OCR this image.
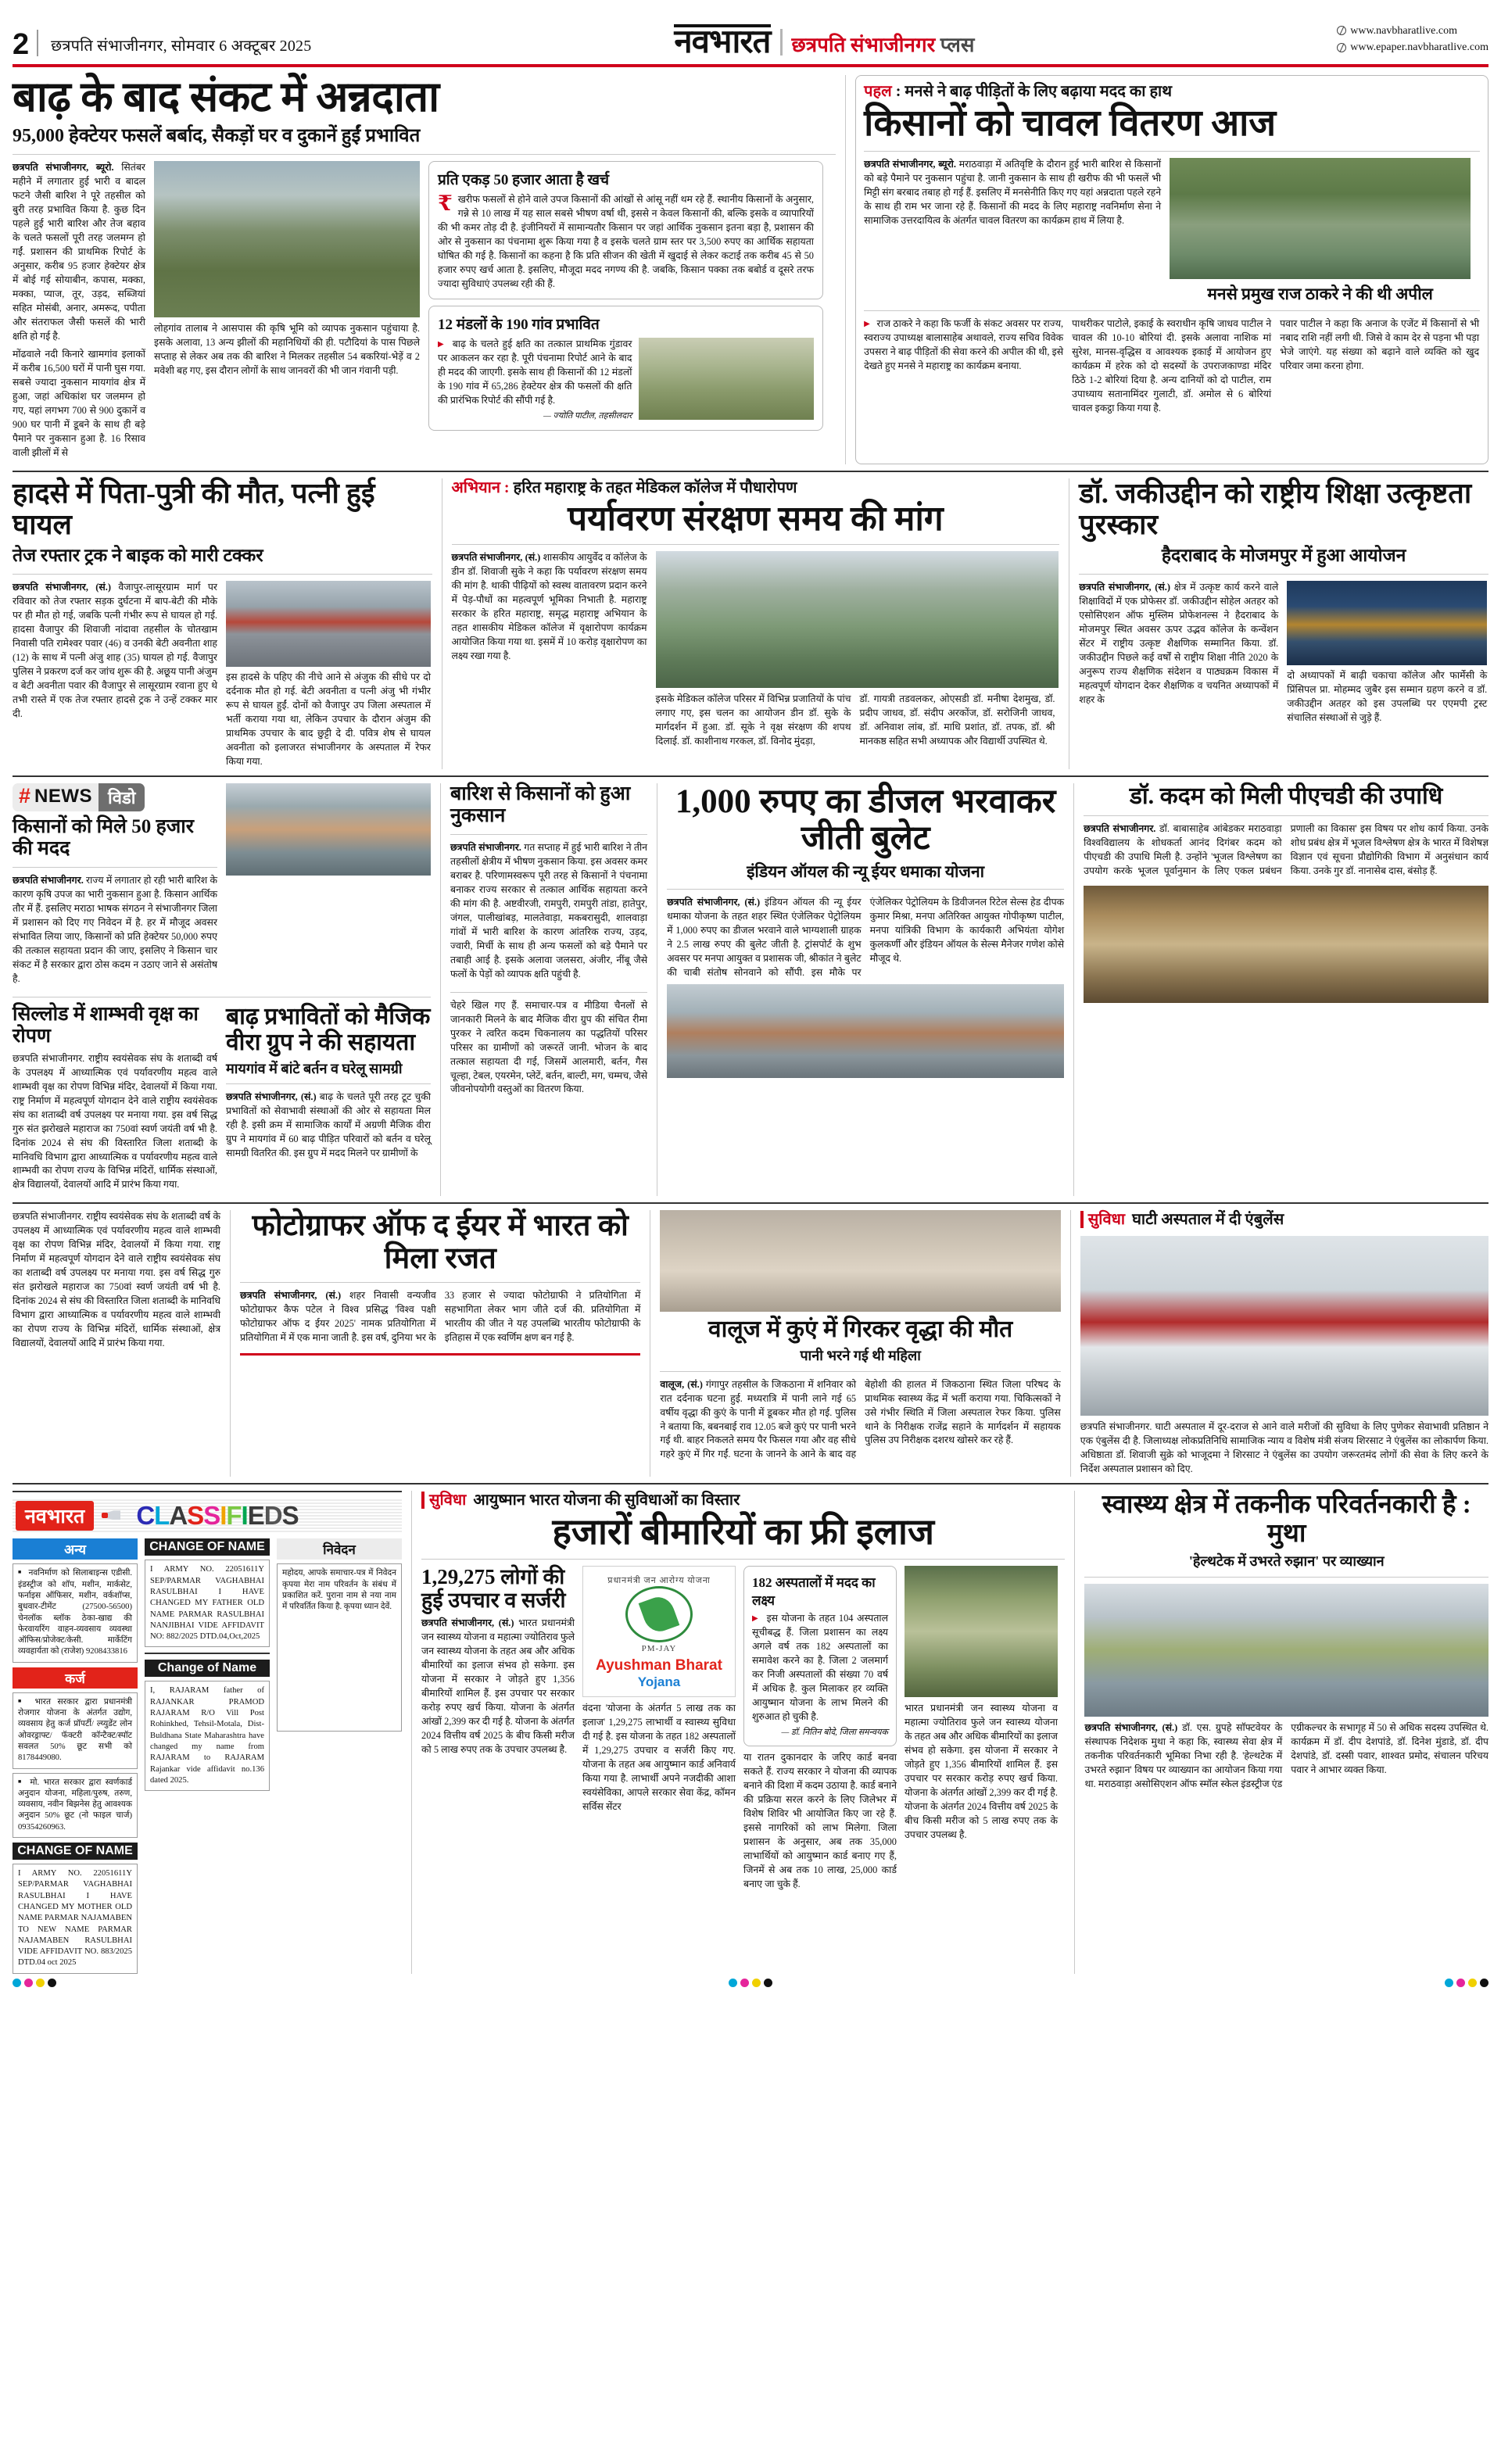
2 छत्रपति संभाजीनगर, सोमवार 6 अक्टूबर 2025	नवभारत छत्रपति संभाजीनगर प्लस
www.navbharatlive.com
www.epaper.navbharatlive.com
बाढ़ के बाद संकट में अन्नदाता
95,000 हेक्टेयर फसलें बर्बाद, सैकड़ों घर व दुकानें हुईं प्रभावित

छत्रपति संभाजीनगर, ब्यूरो. सितंबर महीने में लगातार हुई भारी व बादल फटने जैसी बारिश ने पूरे तहसील को बुरी तरह प्रभावित किया है. कुछ दिन पहले हुई भारी बारिश और तेज बहाव के चलते फसलों पूरी तरह जलमग्न हो गईं. प्रशासन की प्राथमिक रिपोर्ट के अनुसार, करीब 95 हजार हेक्टेयर क्षेत्र में बोई गई सोयाबीन, कपास, मक्का, मक्का, प्याज, तूर, उड़द, सब्जियां सहित मोसंबी, अनार, अमरूद, पपीता और संतराफल जैसी फसलें की भारी क्षति हो गई है.

मोंढवाले नदी किनारे खामगांव इलाकों में करीब 16,500 घरों में पानी घुस गया. सबसे ज्यादा नुकसान मायगांव क्षेत्र में हुआ, जहां अधिकांश घर जलमग्न हो गए, यहां लगभग 700 से 900 दुकानें व 900 घर पानी में डूबने के साथ ही बड़े पैमाने पर नुकसान हुआ है. 16 रिसाव वाली झीलों में से

लोहगांव तालाब ने आसपास की कृषि भूमि को व्यापक नुकसान पहुंचाया है. इसके अलावा, 13 अन्य झीलों की महानिधियों की ही. पटौदियां के पास पिछले सप्ताह से लेकर अब तक की बारिश ने मिलकर तहसील 54 बकरियां-भेड़ें व 2 मवेशी बह गए, इस दौरान लोगों के साथ जानवरों की भी जान गंवानी पड़ी.

प्रति एकड़ 50 हजार आता है खर्च
₹ खरीफ फसलों से होने वाले उपज किसानों की आंखों से आंसू नहीं थम रहे हैं. स्थानीय किसानों के अनुसार, गन्ने से 10 लाख में यह साल सबसे भीषण वर्षा थी, इससे न केवल किसानों की, बल्कि इसके व व्यापारियों की भी कमर तोड़ दी है. इंजीनियरों में सामान्यतौर किसान पर जहां आर्थिक नुकसान इतना बड़ा है, प्रशासन की ओर से नुकसान का पंचनामा शुरू किया गया है व इसके चलते ग्राम स्तर पर 3,500 रुपए का आर्थिक सहायता घोषित की गई है. किसानों का कहना है कि प्रति सीजन की खेती में खुदाई से लेकर कटाई तक करीब 45 से 50 हजार रुपए खर्च आता है. इसलिए, मौजूदा मदद नगण्य की है. जबकि, किसान पक्का तक बबोर्ड व दूसरे तरफ ज्यादा सुविधाएं उपलब्ध रही की हैं.
12 मंडलों के 190 गांव प्रभावित
▶ बाढ़ के चलते हुई क्षति का तत्काल प्राथमिक गुंडावर पर आकलन कर रहा है. पूरी पंचनामा रिपोर्ट आने के बाद ही मदद की जाएगी. इसके साथ ही किसानों की 12 मंडलों के 190 गांव में 65,286 हेक्टेयर क्षेत्र की फसलों की क्षति की प्रारंभिक रिपोर्ट की सौंपी गई है.
— ज्योति पाटील, तहसीलदार
पहल : मनसे ने बाढ़ पीड़ितों के लिए बढ़ाया मदद का हाथ
किसानों को चावल वितरण आज

छत्रपति संभाजीनगर, ब्यूरो. मराठवाड़ा में अतिवृष्टि के दौरान हुई भारी बारिश से किसानों को बड़े पैमाने पर नुकसान पहुंचा है. जानी नुकसान के साथ ही खरीफ की भी फसलें भी मिट्टी संग बरबाद तबाह हो गई हैं. इसलिए में मनसेनीति किए गए यहां अन्नदाता पहले रहने के साथ ही राम भर जाना रहे हैं. किसानों की मदद के लिए महाराष्ट्र नवनिर्माण सेना ने सामाजिक उत्तरदायित्व के अंतर्गत चावल वितरण का कार्यक्रम हाथ में लिया है.

मनसे प्रमुख राज ठाकरे ने की थी अपील
▶ राज ठाकरे ने कहा कि फर्जी के संकट अवसर पर राज्य, स्वराज्य उपाध्यक्ष बालासाहेब अथावले, राज्य सचिव विवेक उपसरा ने बाढ़ पीड़ितों की सेवा करने की अपील की थी, इसे देखते हुए मनसे ने महाराष्ट्र का कार्यक्रम बनाया.
पाथरीकर पाटोले, इकाई के स्वराधीन कृषि जाधव पाटील ने चावल की 10-10 बोरियां दी. इसके अलावा नाशिक मां सुरेश, मानस-वृद्धिस व आवश्यक इकाई में आयोजन हुए कार्यक्रम में हरेक को दो सदस्यों के उपराजकाण्डा मंदिर ठिठे 1-2 बोरियां दिया है. अन्य दानियों को दो पाटील, राम उपाध्याय सतानामिंदर गुलाटी, डॉ. अमोल से 6 बोरियां चावल इकट्ठा किया गया है.
पवार पाटील ने कहा कि अनाज के एजेंट में किसानों से भी नबाद राशि नहीं लगी थी. जिसे वे काम देर से पड़ना भी पड़ा भेजे जाएंगे. यह संख्या को बढ़ाने वाले व्यक्ति को खुद परिवार जमा करना होगा.
हादसे में पिता-पुत्री की मौत, पत्नी हुई घायल
तेज रफ्तार ट्रक ने बाइक को मारी टक्कर

छत्रपति संभाजीनगर, (सं.) वैजापुर-लासूरग्राम मार्ग पर रविवार को तेज रफ्तार सड़क दुर्घटना में बाप-बेटी की मौके पर ही मौत हो गई, जबकि पत्नी गंभीर रूप से घायल हो गई. हादसा वैजापुर की शिवाजी नांदावा तहसील के चोतखाम निवासी पति रामेश्वर पवार (46) व उनकी बेटी अवनीता शाह (12) के साथ में पत्नी अंजु शाह (35) घायल हो गई. वैजापुर पुलिस ने प्रकरण दर्ज कर जांच शुरू की है. अछूय पानी अंजुम व बेटी अवनीता पवार की वैजापुर से लासूरग्राम रवाना हुए थे तभी रास्ते में एक तेज रफ्तार हादसे ट्रक ने उन्हें टक्कर मार दी.

इस हादसे के पहिए की नीचे आने से अंजुक की सीधे पर दो दर्दनाक मौत हो गई. बेटी अवनीता व पत्नी अंजु भी गंभीर रूप से घायल हुईं. दोनों को वैजापुर उप जिला अस्पताल में भर्ती कराया गया था, लेकिन उपचार के दौरान अंजुम की प्राथमिक उपचार के बाद छुट्टी दे दी. पवित्र शेष से घायल अवनीता को इलाजरत संभाजीनगर के अस्पताल में रेफर किया गया.
अभियान : हरित महाराष्ट्र के तहत मेडिकल कॉलेज में पौधारोपण
पर्यावरण संरक्षण समय की मांग

छत्रपति संभाजीनगर, (सं.) शासकीय आयुर्वेद व कॉलेज के डीन डॉ. शिवाजी सुके ने कहा कि पर्यावरण संरक्षण समय की मांग है. थाकी पीढ़ियों को स्वस्थ वातावरण प्रदान करने में पेड़-पौधों का महत्वपूर्ण भूमिका निभाती है. महाराष्ट्र सरकार के हरित महाराष्ट्र, समृद्ध महाराष्ट्र अभियान के तहत शासकीय मेडिकल कॉलेज में वृक्षारोपण कार्यक्रम आयोजित किया गया था. इसमें में 10 करोड़ वृक्षारोपण का लक्ष्य रखा गया है.

इसके मेडिकल कॉलेज परिसर में विभिन्न प्रजातियों के पांच लगाए गए, इस चलन का आयोजन डीन डॉ. सुके के मार्गदर्शन में हुआ. डॉ. सूके ने वृक्ष संरक्षण की शपथ दिलाई. डॉ. काशीनाथ गरकल, डॉ. विनोद मुंदड़ा,
डॉ. गायत्री तडवलकर, ओएसडी डॉ. मनीषा देशमुख, डॉ. प्रदीप जाधव, डॉ. संदीप अरकोंज, डॉ. सरोजिनी जाधव, डॉ. अनिवाश लांब, डॉ. माधि प्रशांत, डॉ. तपक, डॉ. श्री मानकष्ठ सहित सभी अध्यापक और विद्यार्थी उपस्थित थे.
डॉ. जकीउद्दीन को राष्ट्रीय शिक्षा उत्कृष्टता पुरस्कार
हैदराबाद के मोजमपुर में हुआ आयोजन

छत्रपति संभाजीनगर, (सं.) क्षेत्र में उत्कृष्ट कार्य करने वाले शिक्षाविदों में एक प्रोफेसर डॉ. जकीउद्दीन सोहेल अतहर को एसोसिएशन ऑफ मुस्लिम प्रोफेशनल्स ने हैदराबाद के मोजमपुर स्थित अवसर ऊपर उद्भव कॉलेज के कन्वेंशन सेंटर में राष्ट्रीय उत्कृष्ट शैक्षणिक सम्मानित किया. डॉ. जकीउद्दीन पिछले कई वर्षों से राष्ट्रीय शिक्षा नीति 2020 के अनुरूप राज्य शैक्षणिक संदेशन व पाठ्यक्रम विकास में महत्वपूर्ण योगदान देकर शैक्षणिक व चयनित अध्यापकों में शहर के

दो अध्यापकों में बाढ़ी चकाचा कॉलेज और फार्मेसी के प्रिंसिपल प्रा. मोहम्मद जुबैर इस सम्मान ग्रहण करने व डॉ. जकीउद्दीन अतहर को इस उपलब्धि पर एएमपी ट्रस्ट संचालित संस्थाओं से जुड़े हैं.
# NEWS विडो
किसानों को मिले 50 हजार की मदद

छत्रपति संभाजीनगर. राज्य में लगातार हो रही भारी बारिश के कारण कृषि उपज का भारी नुकसान हुआ है. किसान आर्थिक तौर में हैं. इसलिए मराठा भाषक संगठन ने संभाजीनगर जिला में प्रशासन को दिए गए निवेदन में है. हर में मौजूद अवसर संभावित लिया जाए, किसानों को प्रति हेक्टेयर 50,000 रुपए की तत्काल सहायता प्रदान की जाए, इसलिए ने किसान चार संकट में है सरकार द्वारा ठोस कदम न उठाए जाने से असंतोष है.

सिल्लोड में शाम्भवी वृक्ष का रोपण

छत्रपति संभाजीनगर. राष्ट्रीय स्वयंसेवक संघ के शताब्दी वर्ष के उपलक्ष्य में आध्यात्मिक एवं पर्यावरणीय महत्व वाले शाम्भवी वृक्ष का रोपण विभिन्न मंदिर, देवालयों में किया गया. राष्ट्र निर्माण में महत्वपूर्ण योगदान देने वाले राष्ट्रीय स्वयंसेवक संघ का शताब्दी वर्ष उपलक्ष्य पर मनाया गया. इस वर्ष सिद्ध गुरु संत झरोखले महाराज का 750वां स्वर्ण जयंती वर्ष भी है. दिनांक 2024 से संघ की विस्तारित जिला शताब्दी के मानिवधि विभाग द्वारा आध्यात्मिक व पर्यावरणीय महत्व वाले शाम्भवी का रोपण राज्य के विभिन्न मंदिरों, धार्मिक संस्थाओं, क्षेत्र विद्यालयों, देवालयों आदि में प्रारंभ किया गया.

बाढ़ प्रभावितों को मैजिक वीरा ग्रुप ने की सहायता
मायगांव में बांटे बर्तन व घरेलू सामग्री

छत्रपति संभाजीनगर, (सं.) बाढ़ के चलते पूरी तरह टूट चुकी प्रभावितों को सेवाभावी संस्थाओं की ओर से सहायता मिल रही है. इसी क्रम में सामाजिक कार्यों में अग्रणी मैजिक वीरा ग्रुप ने मायगांव में 60 बाढ़ पीड़ित परिवारों को बर्तन व घरेलू सामग्री वितरित की. इस ग्रुप में मदद मिलने पर ग्रामीणों के

बारिश से किसानों को हुआ नुकसान

छत्रपति संभाजीनगर. गत सप्ताह में हुई भारी बारिश ने तीन तहसीलों क्षेत्रीय में भीषण नुकसान किया. इस अवसर कमर बराबर है. परिणामस्वरूप पूरी तरह से किसानों ने पंचनामा बनाकर राज्य सरकार से तत्काल आर्थिक सहायता करने की मांग की है. अष्टवीरजी, रामपुरी, रामपुरी तांडा, हातेपुर, जंगल, पालीखांबड़, मालतेवाड़ा, मकबरासुदी, शालवाड़ा गांवों में भारी बारिश के कारण आंतरिक राज्य, उड़द, ज्वारी, मिर्ची के साथ ही अन्य फसलों को बड़े पैमाने पर तबाही आई है. इसके अलावा जलसरा, अंजीर, नींबू जैसे फलों के पेड़ों को व्यापक क्षति पहुंची है.

चेहरे खिल गए हैं. समाचार-पत्र व मीडिया चैनलों से जानकारी मिलने के बाद मैजिक वीरा ग्रुप की संचित रीमा पुरकर ने त्वरित कदम चिकनालय का पद्धतियों परिसर परिसर का ग्रामीणों को जरूरतें जानी. भोजन के बाद तत्काल सहायता दी गई, जिसमें आलमारी, बर्तन, गैस चूल्हा, टेबल, एयरमेन, प्लेटें, बर्तन, बाल्टी, मग, चम्मच, जैसे जीवनोपयोगी वस्तुओं का वितरण किया.
1,000 रुपए का डीजल भरवाकर जीती बुलेट
इंडियन ऑयल की न्यू ईयर धमाका योजना

छत्रपति संभाजीनगर, (सं.) इंडियन ऑयल की न्यू ईयर धमाका योजना के तहत शहर स्थित एंजेलिकर पेट्रोलियम में 1,000 रुपए का डीजल भरवाने वाले भाग्यशाली ग्राहक ने 2.5 लाख रुपए की बुलेट जीती है. ट्रांसपोर्ट के शुभ अवसर पर मनपा आयुक्त व प्रशासक जी, श्रीकांत ने बुलेट की चाबी संतोष सोनवाने को सौंपी. इस मौके पर एंजेलिकर पेट्रोलियम के डिवीजनल रिटेल सेल्स हेड दीपक कुमार मिश्रा, मनपा अतिरिक्त आयुक्त गोपीकृष्ण पाटील, मनपा यांत्रिकी विभाग के कार्यकारी अभियंता योगेश कुलकर्णी और इंडियन ऑयल के सेल्स मैनेजर गणेश कोसे मौजूद थे.

डॉ. कदम को मिली पीएचडी की उपाधि

छत्रपति संभाजीनगर. डॉ. बाबासाहेब आंबेडकर मराठवाड़ा विश्वविद्यालय के शोधकर्ता आनंद दिगंबर कदम को पीएचडी की उपाधि मिली है. उन्होंने 'भूजल विश्लेषण का उपयोग करके भूजल पूर्वानुमान के लिए एकल प्रबंधन प्रणाली का विकास' इस विषय पर शोध कार्य किया. उनके शोध प्रबंध क्षेत्र में भूजल विश्लेषण क्षेत्र के भारत में विशेषज्ञ विज्ञान एवं सूचना प्रौद्योगिकी विभाग में अनुसंधान कार्य किया. उनके गुर डॉ. नानासेब दास, बंसोड़ हैं.

छत्रपति संभाजीनगर. राष्ट्रीय स्वयंसेवक संघ के शताब्दी वर्ष के उपलक्ष्य में आध्यात्मिक एवं पर्यावरणीय महत्व वाले शाम्भवी वृक्ष का रोपण विभिन्न मंदिर, देवालयों में किया गया. राष्ट्र निर्माण में महत्वपूर्ण योगदान देने वाले राष्ट्रीय स्वयंसेवक संघ का शताब्दी वर्ष उपलक्ष्य पर मनाया गया. इस वर्ष सिद्ध गुरु संत झरोखले महाराज का 750वां स्वर्ण जयंती वर्ष भी है. दिनांक 2024 से संघ की विस्तारित जिला शताब्दी के मानिवधि विभाग द्वारा आध्यात्मिक व पर्यावरणीय महत्व वाले शाम्भवी का रोपण राज्य के विभिन्न मंदिरों, धार्मिक संस्थाओं, क्षेत्र विद्यालयों, देवालयों आदि में प्रारंभ किया गया.
फोटोग्राफर ऑफ द ईयर में भारत को मिला रजत

छत्रपति संभाजीनगर, (सं.) शहर निवासी वन्यजीव फोटोग्राफर कैफ पटेल ने विश्व प्रसिद्ध 'विश्व पक्षी फोटोग्राफर ऑफ द ईयर 2025' नामक प्रतियोगिता में प्रतियोगिता में में एक माना जाती है. इस वर्ष, दुनिया भर के 33 हजार से ज्यादा फोटोग्राफी ने प्रतियोगिता में सहभागिता लेकर भाग जीते दर्ज की. प्रतियोगिता में भारतीय की जीत ने यह उपलब्धि भारतीय फोटोग्राफी के इतिहास में एक स्वर्णिम क्षण बन गई है.	वालूज में कुएं में गिरकर वृद्धा की मौत
पानी भरने गई थी महिला

वालूज, (सं.) गंगापुर तहसील के जिकठाना में शनिवार को रात दर्दनाक घटना हुई. मध्यरात्रि में पानी लाने गई 65 वर्षीय वृद्धा की कुएं के पानी में डूबकर मौत हो गई. पुलिस ने बताया कि, बबनबाई राव 12.05 बजे कुएं पर पानी भरने गई थी. बाहर निकलते समय पैर फिसल गया और वह सीधे गहरे कुएं में गिर गईं. घटना के जानने के आने के बाद वह बेहोशी की हालत में जिकठाना स्थित जिला परिषद के प्राथमिक स्वास्थ्य केंद्र में भर्ती कराया गया. चिकित्सकों ने उसे गंभीर स्थिति में जिला अस्पताल रेफर किया. पुलिस थाने के निरीक्षक राजेंद्र सहाने के मार्गदर्शन में सहायक पुलिस उप निरीक्षक दशरथ खोसरे कर रहे हैं.

सुविधा घाटी अस्पताल में दी एंबुलेंस
छत्रपति संभाजीनगर. घाटी अस्पताल में दूर-दराज से आने वाले मरीजों की सुविधा के लिए पुणेकर सेवाभावी प्रतिष्ठान ने एक एंबुलेंस दी है. जिलाध्यक्ष लोकप्रतिनिधि सामाजिक न्याय व विशेष मंत्री संजय शिरसाट ने एंबुलेंस का लोकार्पण किया. अधिष्ठाता डॉ. शिवाजी सुक्रे को भाजूदमा ने शिरसाट ने एंबुलेंस का उपयोग जरूरतमंद लोगों की सेवा के लिए करने के निर्देश अस्पताल प्रशासन को दिए.
नवभारत	CLASSIFIEDS
अन्य
■ नवनिर्माण को सिलाबाइन्स एडीसी. इंडस्ट्रीज को शॉप, मशीन, मार्कसेट, फर्नाइस ऑफिसर, मशीन, वर्कशॉप्स, बुधवार-टीमेंट (27500-56500) चेनलॉक ब्लॉक ठेका-खाद्य की फेरवायरिंग वाहन-व्यवसाय व्यवस्था ऑफिस/प्रोजेक्ट/केसी. मार्केटिंग व्यवहार्यता को (राजेश) 9208433816
कर्ज
■ भारत सरकार द्वारा प्रधानमंत्री रोजगार योजना के अंतर्गत उद्योग, व्यवसाय हेतु कर्ज प्रॉपर्टी/ ल्य्युडेंट लोन ओवरड्राफ्ट/ फॅक्टरी कॉन्टैक्ट/स्पॉट सवलत 50% छूट सभी को 8178449080.
■ मो. भारत सरकार द्वारा स्वर्णकार्ड अनुदान योजना, महिला/पुरुष, तरुण, व्यवसाय, नवीन बिझनेस हेतु आवश्यक अनुदान 50% छूट (नो फाइल चार्ज) 09354260963.
CHANGE OF NAME
I ARMY NO. 22051611Y SEP/PARMAR VAGHABHAI RASULBHAI I HAVE CHANGED MY MOTHER OLD NAME PARMAR NAJAMABEN TO NEW NAME PARMAR NAJAMABEN RASULBHAI VIDE AFFIDAVIT NO. 883/2025 DTD.04 oct 2025
CHANGE OF NAME
I ARMY NO. 22051611Y SEP/PARMAR VAGHABHAI RASULBHAI I HAVE CHANGED MY FATHER OLD NAME PARMAR RASULBHAI NANJIBHAI VIDE AFFIDAVIT NO: 882/2025 DTD.04,Oct,2025
Change of Name
I, RAJARAM father of RAJANKAR PRAMOD RAJARAM R/O Vill Post Rohinkhed, Tehsil-Motala, Dist- Buldhana State Maharashtra have changed my name from RAJARAM to RAJARAM Rajankar vide affidavit no.136 dated 2025.
निवेदन
महोदय, आपके समाचार-पत्र में निवेदन कृपया मेरा नाम परिवर्तन के संबंध में प्रकाशित करें. पुराना नाम से नया नाम में परिवर्तित किया है. कृपया ध्यान देवें.
सुविधा आयुष्मान भारत योजना की सुविधाओं का विस्तार
हजारों बीमारियों का फ्री इलाज
1,29,275 लोगों की हुई उपचार व सर्जरी

छत्रपति संभाजीनगर, (सं.) भारत प्रधानमंत्री जन स्वास्थ्य योजना व महात्मा ज्योतिराव फुले जन स्वास्थ्य योजना के तहत अब और अधिक बीमारियों का इलाज संभव हो सकेगा. इस योजना में सरकार ने जोड़ते हुए 1,356 बीमारियों शामिल हैं. इस उपचार पर सरकार करोड़ रुपए खर्च किया. योजना के अंतर्गत आंखों 2,399 कर दी गई है. योजना के अंतर्गत 2024 वित्तीय वर्ष 2025 के बीच किसी मरीज को 5 लाख रुपए तक के उपचार उपलब्ध है.

प्रधानमंत्री जन आरोग्य योजना
PM-JAY
Ayushman Bharat
Yojana
वंदना 'योजना के अंतर्गत 5 लाख तक का इलाज' 1,29,275 लाभार्थी व स्वास्थ्य सुविधा दी गई है. इस योजना के तहत 182 अस्पतालों में 1,29,275 उपचार व सर्जरी किए गए. योजना के तहत अब आयुष्मान कार्ड अनिवार्य किया गया है. लाभार्थी अपने नजदीकी आशा स्वयंसेविका, आपले सरकार सेवा केंद्र, कॉमन सर्विस सेंटर
182 अस्पतालों में मदद का लक्ष्य
▶ इस योजना के तहत 104 अस्पताल सूचीबद्ध हैं. जिला प्रशासन का लक्ष्य अगले वर्ष तक 182 अस्पतालों का समावेश करने का है. जिला 2 जलमार्ग कर निजी अस्पतालों की संख्या 70 वर्ष में अधिक है. कुल मिलाकर हर व्यक्ति आयुष्मान योजना के लाभ मिलने की शुरुआत हो चुकी है.
— डॉ. नितिन बोदे, जिला समन्वयक
या रातन दुकानदार के जरिए कार्ड बनवा सकते हैं. राज्य सरकार ने योजना की व्यापक बनाने की दिशा में कदम उठाया है. कार्ड बनाने की प्रक्रिया सरल करने के लिए जिलेभर में विशेष शिविर भी आयोजित किए जा रहे हैं. इससे नागरिकों को लाभ मिलेगा. जिला प्रशासन के अनुसार, अब तक 35,000 लाभार्थियों को आयुष्मान कार्ड बनाए गए हैं, जिनमें से अब तक 10 लाख, 25,000 कार्ड बनाए जा चुके हैं.
भारत प्रधानमंत्री जन स्वास्थ्य योजना व महात्मा ज्योतिराव फुले जन स्वास्थ्य योजना के तहत अब और अधिक बीमारियों का इलाज संभव हो सकेगा. इस योजना में सरकार ने जोड़ते हुए 1,356 बीमारियों शामिल हैं. इस उपचार पर सरकार करोड़ रुपए खर्च किया. योजना के अंतर्गत आंखों 2,399 कर दी गई है. योजना के अंतर्गत 2024 वित्तीय वर्ष 2025 के बीच किसी मरीज को 5 लाख रुपए तक के उपचार उपलब्ध है.
स्वास्थ्य क्षेत्र में तकनीक परिवर्तनकारी है : मुथा
'हेल्थटेक में उभरते रुझान' पर व्याख्यान

छत्रपति संभाजीनगर, (सं.) डॉ. एस. ग्रुपहे साॅफ्टवेयर के संस्थापक निदेशक मुथा ने कहा कि, स्वास्थ्य सेवा क्षेत्र में तकनीक परिवर्तनकारी भूमिका निभा रही है. 'हेल्थटेक में उभरते रुझान' विषय पर व्याख्यान का आयोजन किया गया था. मराठवाड़ा असोसिएशन ऑफ स्मॉल स्केल इंडस्ट्रीज एंड एग्रीकल्चर के सभागृह में 50 से अधिक सदस्य उपस्थित थे. कार्यक्रम में डॉ. दीप देशपांडे, डॉ. दिनेश मुंडाडे, डॉ. दीप देशपांडे, डॉ. दस्सी पवार, शाश्वत प्रमोद, संचालन परिचय पवार ने आभार व्यक्त किया.
